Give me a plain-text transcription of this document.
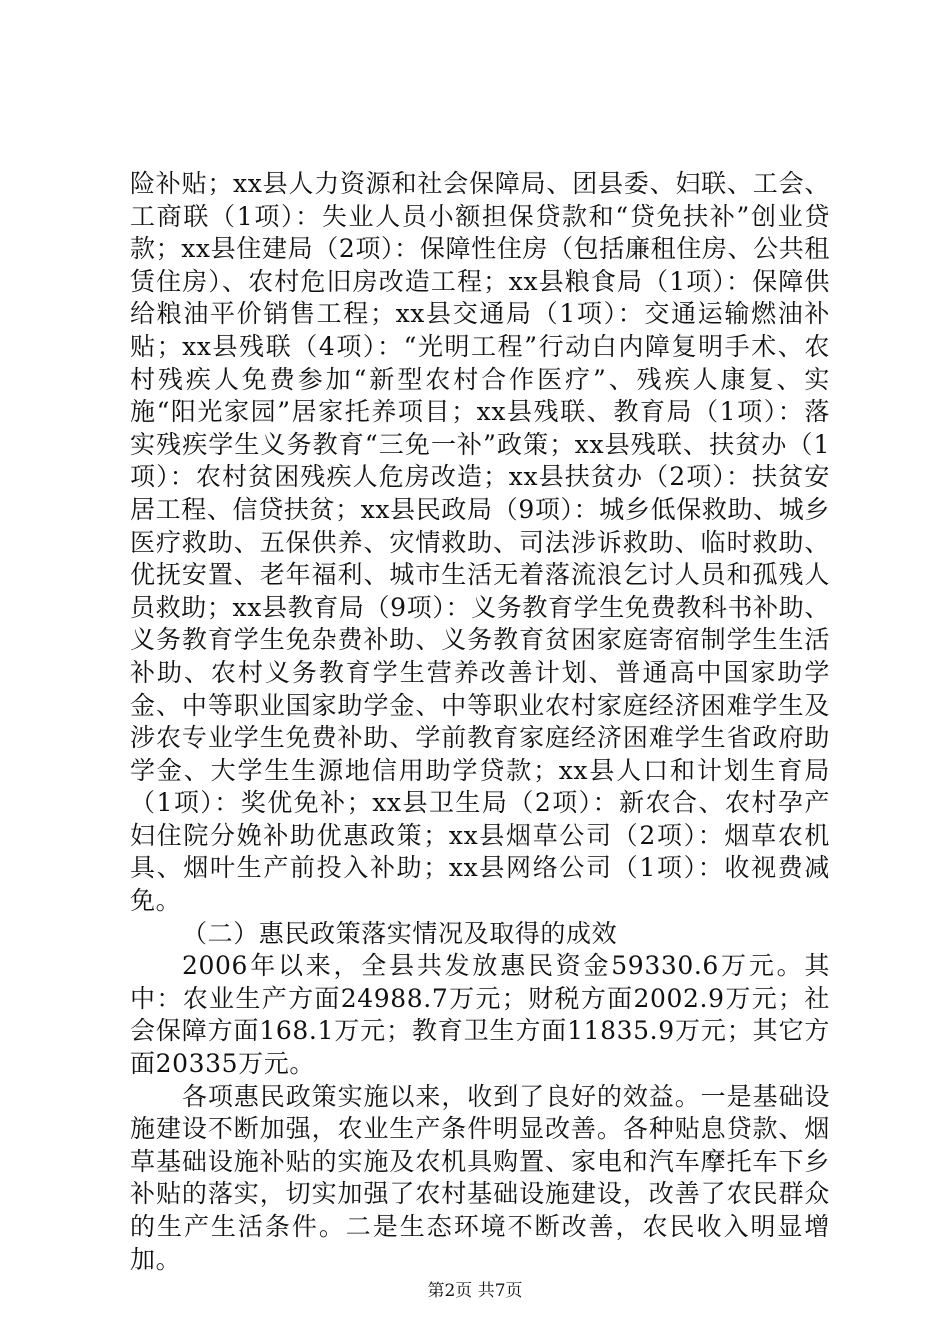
险补贴；xx县人力资源和社会保障局、团县委、妇联、工会、工商联（1项）：失业人员小额担保贷款和“贷免扶补”创业贷款；xx县住建局（2项）：保障性住房（包括廉租住房、公共租赁住房）、农村危旧房改造工程；xx县粮食局（1项）：保障供给粮油平价销售工程；xx县交通局（1项）：交通运输燃油补贴；xx县残联（4项）：“光明工程”行动白内障复明手术、农村残疾人免费参加“新型农村合作医疗”、残疾人康复、实施“阳光家园”居家托养项目；xx县残联、教育局（1项）：落实残疾学生义务教育“三免一补”政策；xx县残联、扶贫办（1项）：农村贫困残疾人危房改造；xx县扶贫办（2项）：扶贫安居工程、信贷扶贫；xx县民政局（9项）：城乡低保救助、城乡医疗救助、五保供养、灾情救助、司法涉诉救助、临时救助、优抚安置、老年福利、城市生活无着落流浪乞讨人员和孤残人员救助；xx县教育局（9项）：义务教育学生免费教科书补助、义务教育学生免杂费补助、义务教育贫困家庭寄宿制学生生活补助、农村义务教育学生营养改善计划、普通高中国家助学金、中等职业国家助学金、中等职业农村家庭经济困难学生及涉农专业学生免费补助、学前教育家庭经济困难学生省政府助学金、大学生生源地信用助学贷款；xx县人口和计划生育局（1项）：奖优免补；xx县卫生局（2项）：新农合、农村孕产妇住院分娩补助优惠政策；xx县烟草公司（2项）：烟草农机具、烟叶生产前投入补助；xx县网络公司（1项）：收视费减免。

（二）惠民政策落实情况及取得的成效

2006年以来，全县共发放惠民资金59330.6万元。其中：农业生产方面24988.7万元；财税方面2002.9万元；社会保障方面168.1万元；教育卫生方面11835.9万元；其它方面20335万元。

各项惠民政策实施以来，收到了良好的效益。一是基础设施建设不断加强，农业生产条件明显改善。各种贴息贷款、烟草基础设施补贴的实施及农机具购置、家电和汽车摩托车下乡补贴的落实，切实加强了农村基础设施建设，改善了农民群众的生产生活条件。二是生态环境不断改善，农民收入明显增加。

第2页 共7页
